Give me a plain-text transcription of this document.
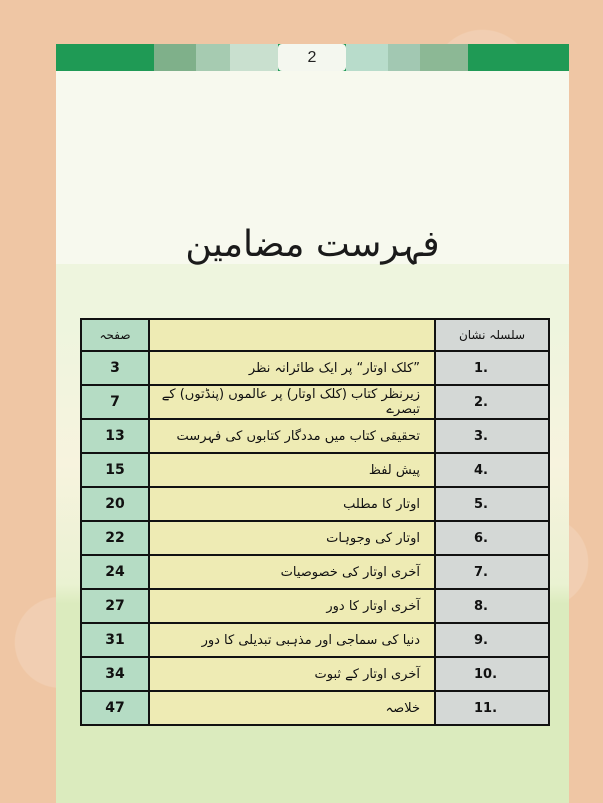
2
فہرست مضامین
صفحہ		سلسلہ نشان
3	”کلک اوتار“ پر ایک طائرانہ نظر	1.
7	زیرنظر کتاب (کلک اوتار) پر عالموں (پنڈتوں) کے تبصرے	2.
13	تحقیقی کتاب میں مددگار کتابوں کی فہرست	3.
15	پیش لفظ	4.
20	اوتار کا مطلب	5.
22	اوتار کی وجوہات	6.
24	آخری اوتار کی خصوصیات	7.
27	آخری اوتار کا دور	8.
31	دنیا کی سماجی اور مذہبی تبدیلی کا دور	9.
34	آخری اوتار کے ثبوت	10.
47	خلاصہ	11.
